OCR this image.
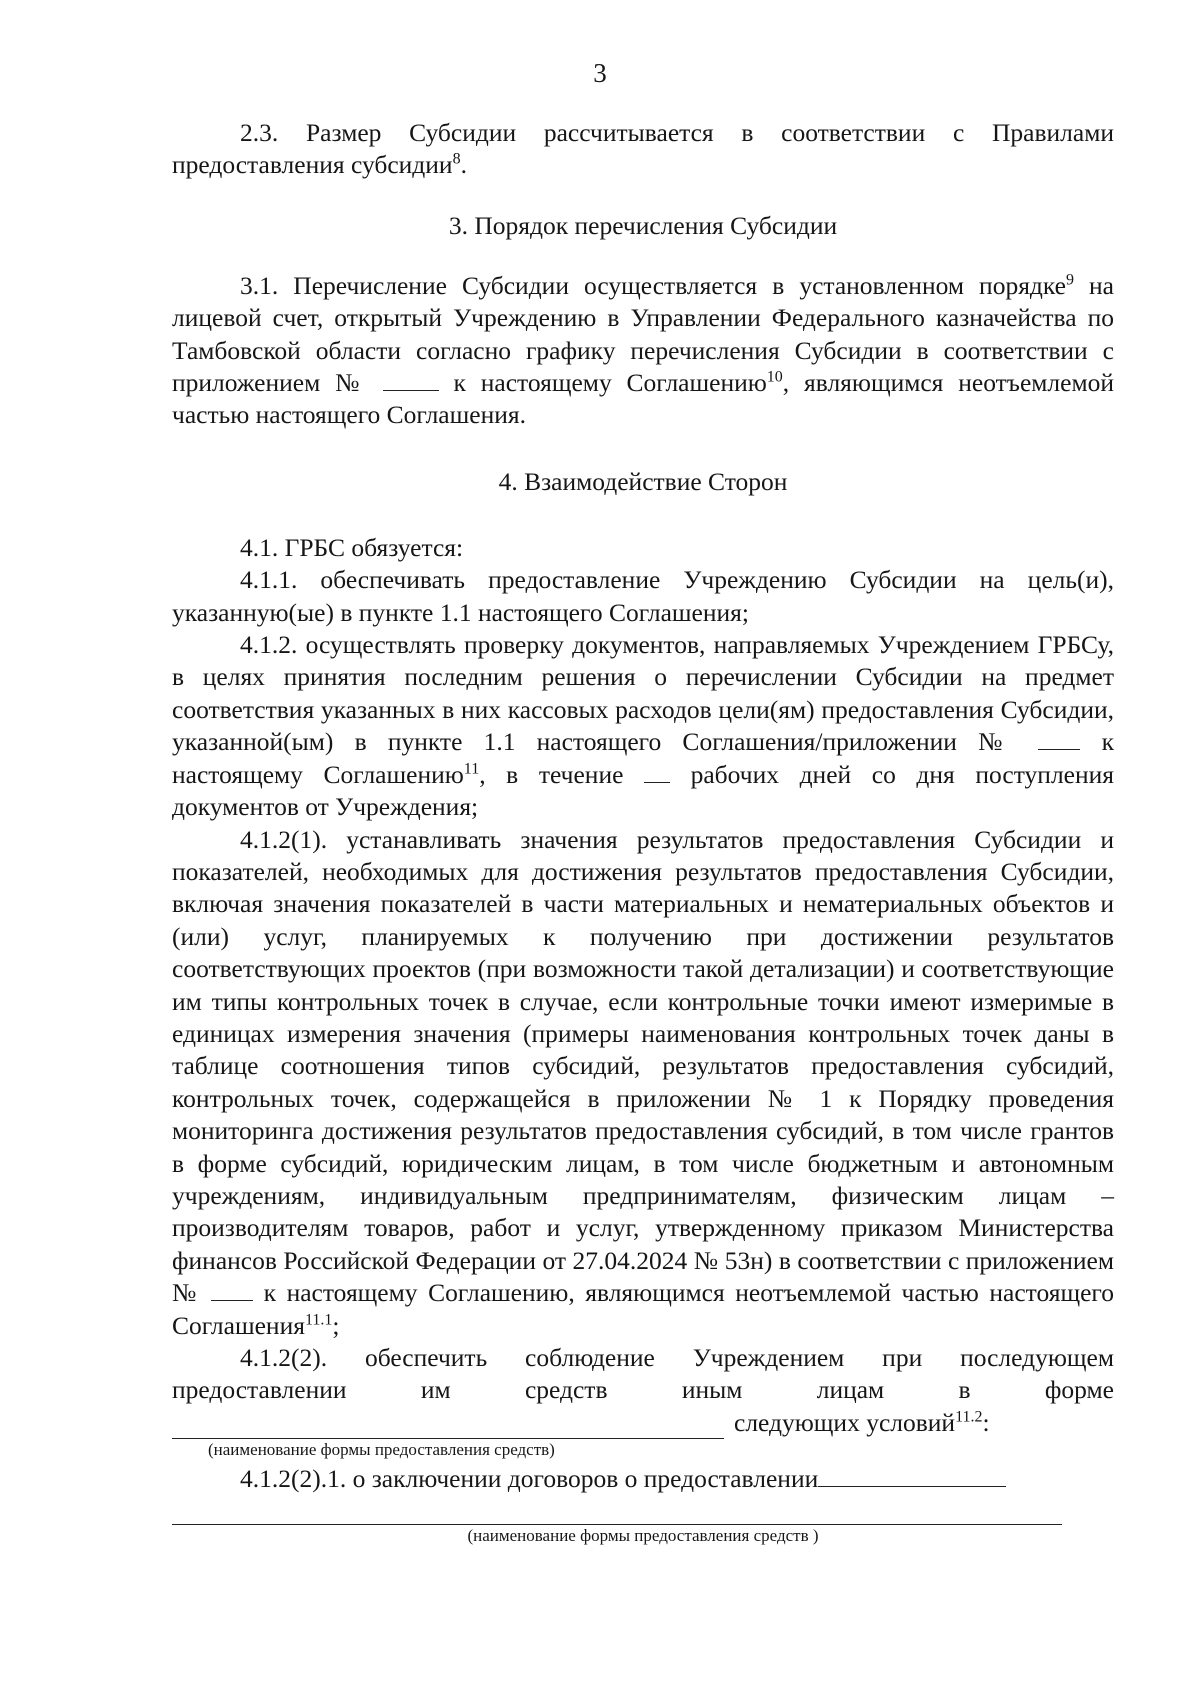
3

2.3. Размер Субсидии рассчитывается в соответствии с Правилами предоставления субсидии$^8$.

3. Порядок перечисления Субсидии

3.1. Перечисление Субсидии осуществляется в установленном порядке$^9$ на лицевой счет, открытый Учреждению в Управлении Федерального казначейства по Тамбовской области согласно графику перечисления Субсидии в соответствии с приложением №  к настоящему Соглашению$^{10}$, являющимся неотъемлемой частью настоящего Соглашения.

4. Взаимодействие Сторон

4.1. ГРБС обязуется:

4.1.1. обеспечивать предоставление Учреждению Субсидии на цель(и), указанную(ые) в пункте 1.1 настоящего Соглашения;

4.1.2. осуществлять проверку документов, направляемых Учреждением ГРБСу, в целях принятия последним решения о перечислении Субсидии на предмет соответствия указанных в них кассовых расходов цели(ям) предоставления Субсидии, указанной(ым) в пункте 1.1 настоящего Соглашения/приложении №  к настоящему Соглашению$^{11}$, в течение  рабочих дней со дня поступления документов от Учреждения;

4.1.2(1). устанавливать значения результатов предоставления Субсидии и показателей, необходимых для достижения результатов предоставления Субсидии, включая значения показателей в части материальных и нематериальных объектов и (или) услуг, планируемых к получению при достижении результатов соответствующих проектов (при возможности такой детализации) и соответствующие им типы контрольных точек в случае, если контрольные точки имеют измеримые в единицах измерения значения (примеры наименования контрольных точек даны в таблице соотношения типов субсидий, результатов предоставления субсидий, контрольных точек, содержащейся в приложении № 1 к Порядку проведения мониторинга достижения результатов предоставления субсидий, в том числе грантов в форме субсидий, юридическим лицам, в том числе бюджетным и автономным учреждениям, индивидуальным предпринимателям, физическим лицам – производителям товаров, работ и услуг, утвержденному приказом Министерства финансов Российской Федерации от 27.04.2024 № 53н) в соответствии с приложением №  к настоящему Соглашению, являющимся неотъемлемой частью настоящего Соглашения$^{11.1}$;

4.1.2(2). обеспечить соблюдение Учреждением при последующем предоставлении им средств иным лицам в форме

следующих условий$^{11.2}$:
(наименование формы предоставления средств)

4.1.2(2).1. о заключении договоров о предоставлении

(наименование формы предоставления средств )
